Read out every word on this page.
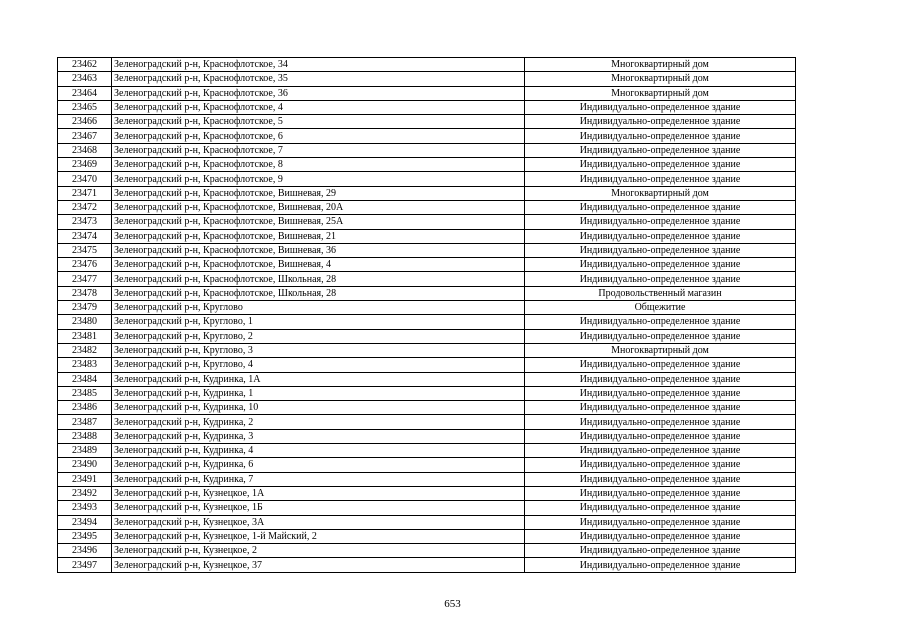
23462	Зеленоградский р-н, Краснофлотское, 34	Многоквартирный дом
23463	Зеленоградский р-н, Краснофлотское, 35	Многоквартирный дом
23464	Зеленоградский р-н, Краснофлотское, 36	Многоквартирный дом
23465	Зеленоградский р-н, Краснофлотское, 4	Индивидуально-определенное здание
23466	Зеленоградский р-н, Краснофлотское, 5	Индивидуально-определенное здание
23467	Зеленоградский р-н, Краснофлотское, 6	Индивидуально-определенное здание
23468	Зеленоградский р-н, Краснофлотское, 7	Индивидуально-определенное здание
23469	Зеленоградский р-н, Краснофлотское, 8	Индивидуально-определенное здание
23470	Зеленоградский р-н, Краснофлотское, 9	Индивидуально-определенное здание
23471	Зеленоградский р-н, Краснофлотское, Вишневая, 29	Многоквартирный дом
23472	Зеленоградский р-н, Краснофлотское, Вишневая, 20А	Индивидуально-определенное здание
23473	Зеленоградский р-н, Краснофлотское, Вишневая, 25А	Индивидуально-определенное здание
23474	Зеленоградский р-н, Краснофлотское, Вишневая, 21	Индивидуально-определенное здание
23475	Зеленоградский р-н, Краснофлотское, Вишневая, 36	Индивидуально-определенное здание
23476	Зеленоградский р-н, Краснофлотское, Вишневая, 4	Индивидуально-определенное здание
23477	Зеленоградский р-н, Краснофлотское, Школьная, 28	Индивидуально-определенное здание
23478	Зеленоградский р-н, Краснофлотское, Школьная, 28	Продовольственный магазин
23479	Зеленоградский р-н, Круглово	Общежитие
23480	Зеленоградский р-н, Круглово, 1	Индивидуально-определенное здание
23481	Зеленоградский р-н, Круглово, 2	Индивидуально-определенное здание
23482	Зеленоградский р-н, Круглово, 3	Многоквартирный дом
23483	Зеленоградский р-н, Круглово, 4	Индивидуально-определенное здание
23484	Зеленоградский р-н, Кудринка, 1А	Индивидуально-определенное здание
23485	Зеленоградский р-н, Кудринка, 1	Индивидуально-определенное здание
23486	Зеленоградский р-н, Кудринка, 10	Индивидуально-определенное здание
23487	Зеленоградский р-н, Кудринка, 2	Индивидуально-определенное здание
23488	Зеленоградский р-н, Кудринка, 3	Индивидуально-определенное здание
23489	Зеленоградский р-н, Кудринка, 4	Индивидуально-определенное здание
23490	Зеленоградский р-н, Кудринка, 6	Индивидуально-определенное здание
23491	Зеленоградский р-н, Кудринка, 7	Индивидуально-определенное здание
23492	Зеленоградский р-н, Кузнецкое, 1А	Индивидуально-определенное здание
23493	Зеленоградский р-н, Кузнецкое, 1Б	Индивидуально-определенное здание
23494	Зеленоградский р-н, Кузнецкое, 3А	Индивидуально-определенное здание
23495	Зеленоградский р-н, Кузнецкое, 1-й Майский, 2	Индивидуально-определенное здание
23496	Зеленоградский р-н, Кузнецкое, 2	Индивидуально-определенное здание
23497	Зеленоградский р-н, Кузнецкое, 37	Индивидуально-определенное здание
653
